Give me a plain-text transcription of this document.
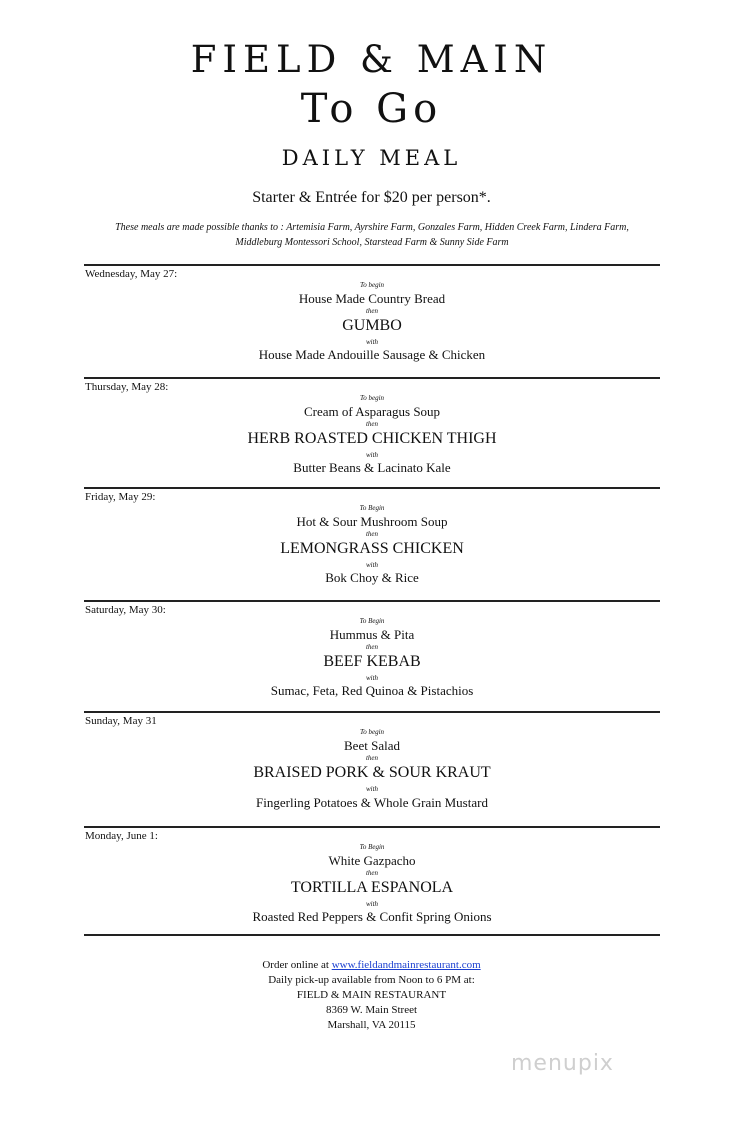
FIELD & MAIN
To Go
DAILY MEAL
Starter & Entrée for $20 per person*.
These meals are made possible thanks to : Artemisia Farm, Ayrshire Farm, Gonzales Farm, Hidden Creek Farm, Lindera Farm,
Middleburg Montessori School, Starstead Farm & Sunny Side Farm
Wednesday, May 27:
To begin
House Made Country Bread
then
GUMBO
with
House Made Andouille Sausage & Chicken
Thursday, May 28:
To begin
Cream of Asparagus Soup
then
HERB ROASTED CHICKEN THIGH
with
Butter Beans & Lacinato Kale
Friday, May 29:
To Begin
Hot & Sour Mushroom Soup
then
LEMONGRASS CHICKEN
with
Bok Choy & Rice
Saturday, May 30:
To Begin
Hummus & Pita
then
BEEF KEBAB
with
Sumac, Feta, Red Quinoa & Pistachios
Sunday, May 31
To begin
Beet Salad
then
BRAISED PORK & SOUR KRAUT
with
Fingerling Potatoes & Whole Grain Mustard
Monday, June 1:
To Begin
White Gazpacho
then
TORTILLA ESPANOLA
with
Roasted Red Peppers & Confit Spring Onions
Order online at www.fieldandmainrestaurant.com
Daily pick-up available from Noon to 6 PM at:
FIELD & MAIN RESTAURANT
8369 W. Main Street
Marshall, VA 20115
menupix
